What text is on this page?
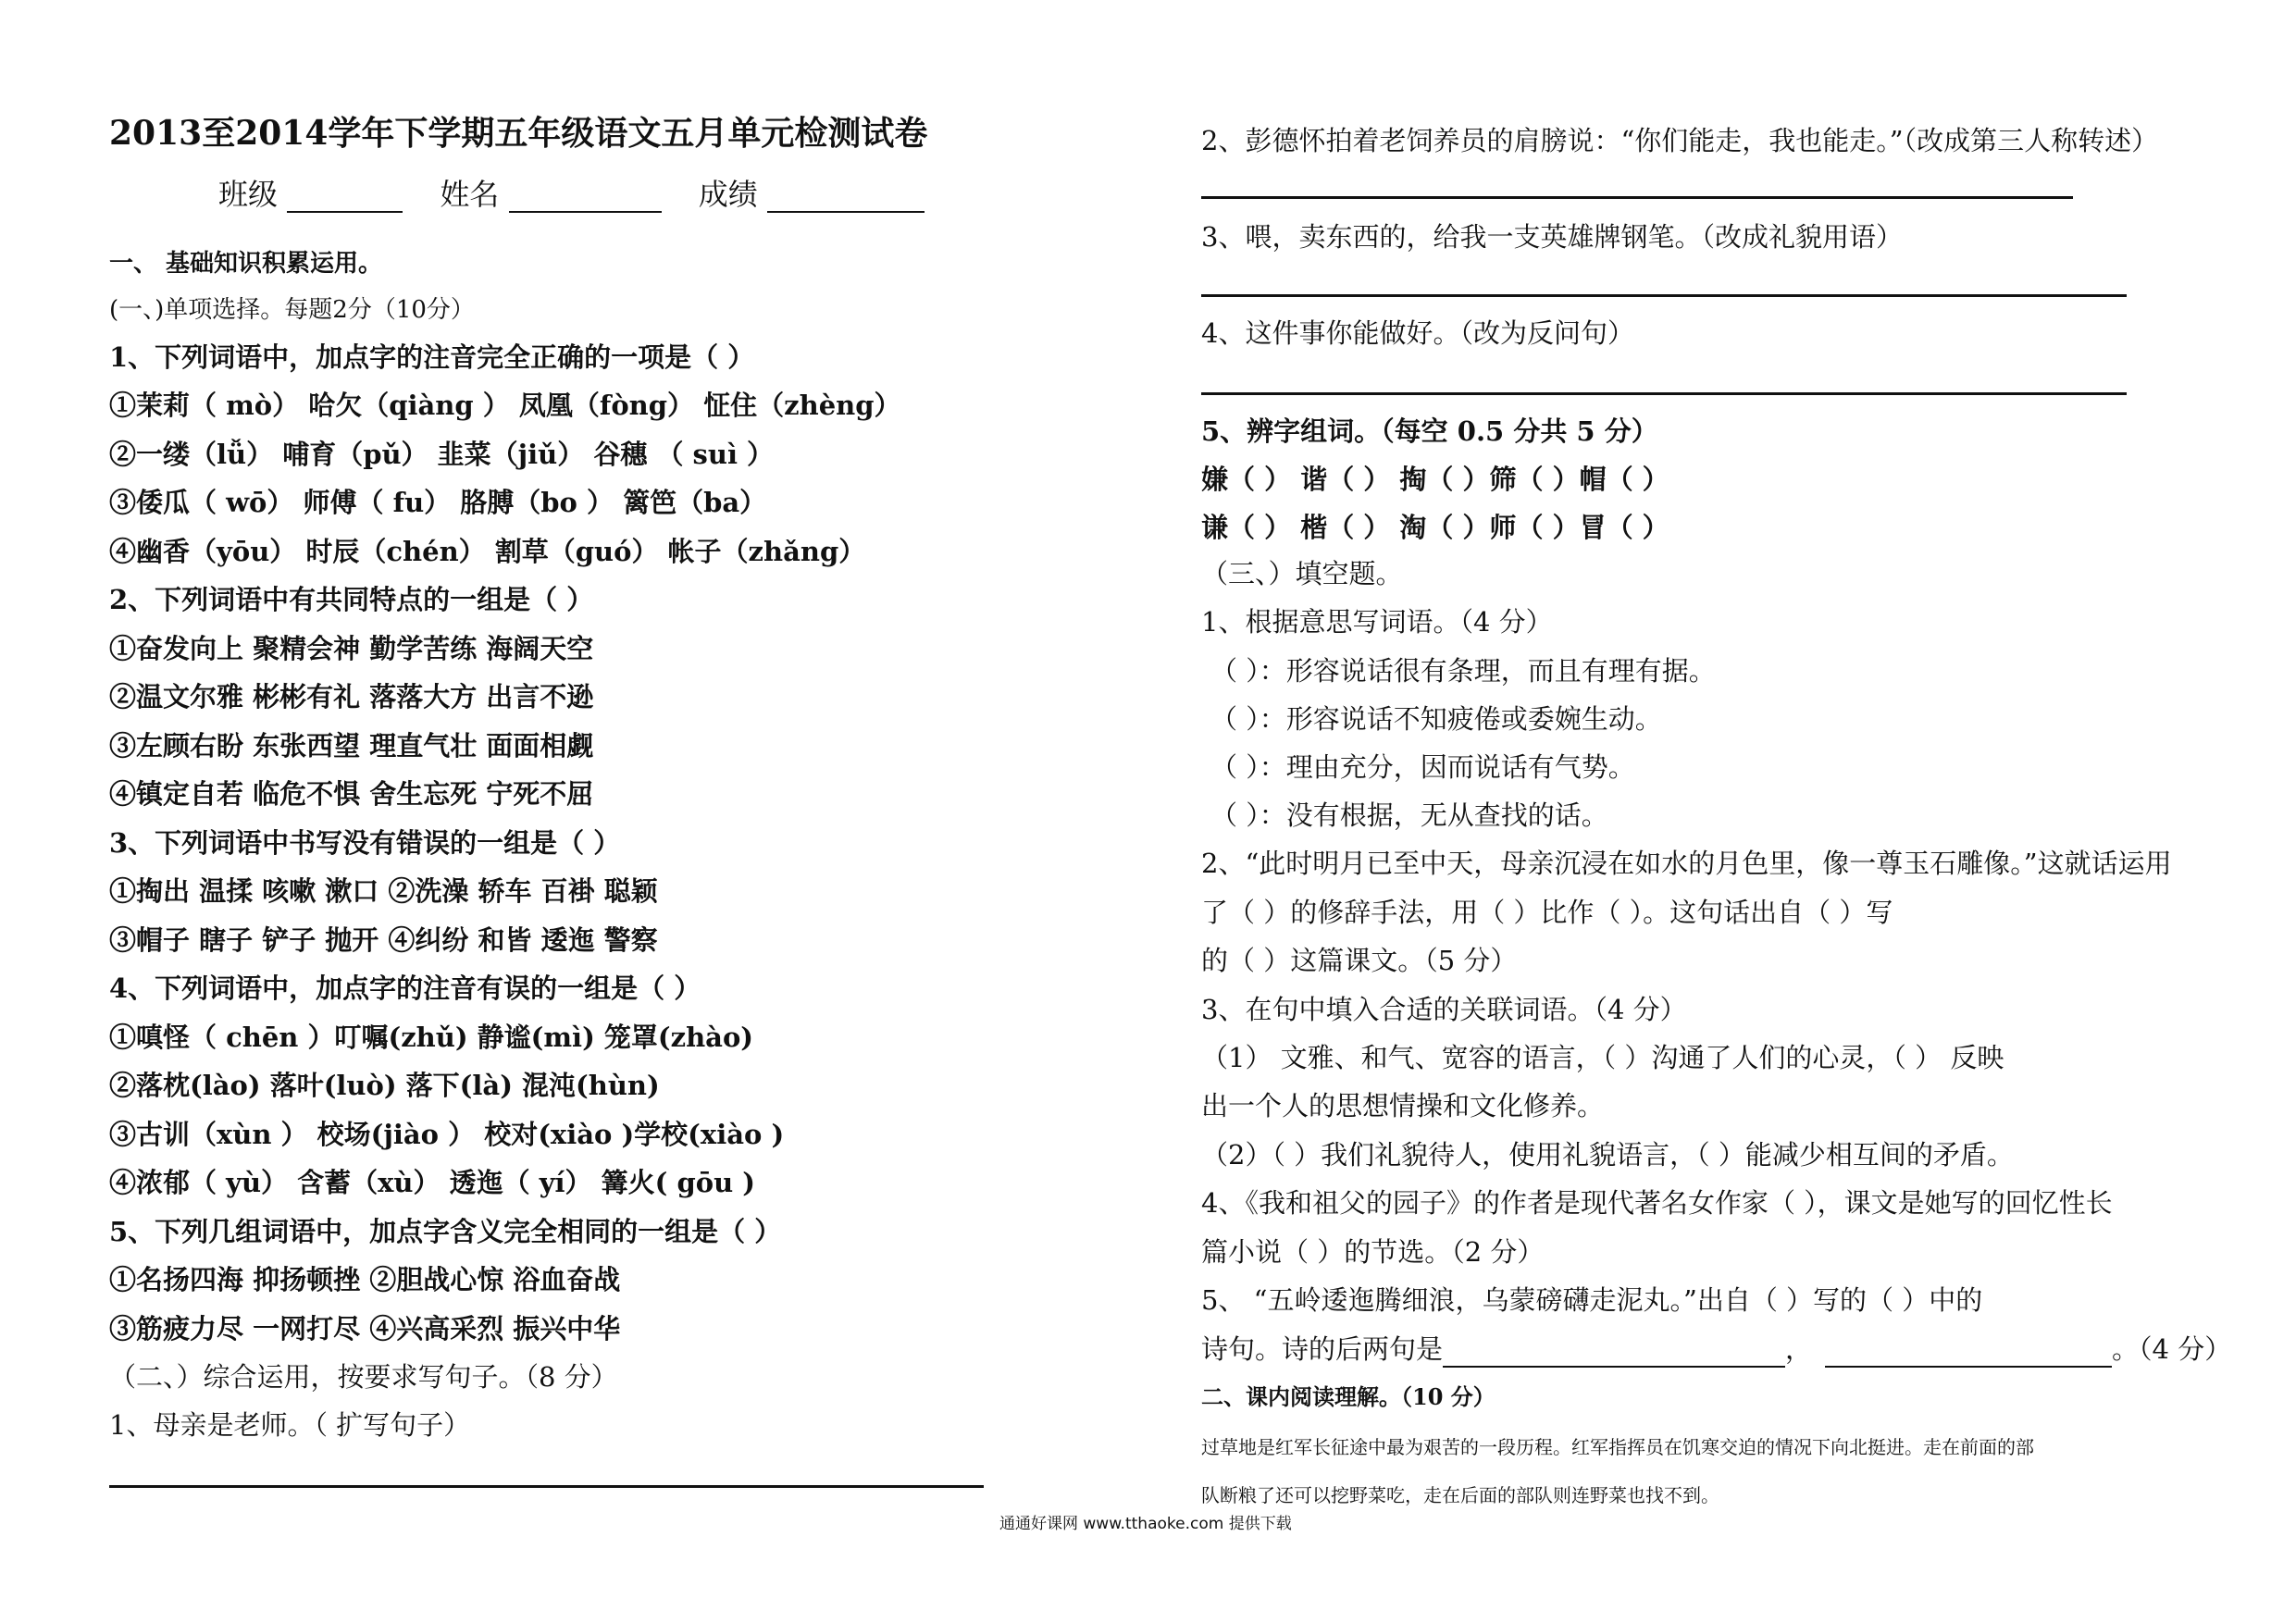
2013至2014学年下学期五年级语文五月单元检测试卷
班级	姓名	成绩
一、 基础知识积累运用。
(一、)单项选择。每题2分（10分）
1、下列词语中，加点字的注音完全正确的一项是（ ）
①茉莉（ mò） 哈欠（qiàng ） 凤凰（fòng） 怔住（zhèng）
②一缕（lǚ） 哺育（pǔ） 韭菜（jiǔ） 谷穗 （ suì ）
③倭瓜（ wō） 师傅（ fu） 胳膊（bo ） 篱笆（ba）
④幽香（yōu） 时辰（chén） 割草（guó） 帐子（zhǎng）
2、下列词语中有共同特点的一组是（ ）
①奋发向上 聚精会神 勤学苦练 海阔天空
②温文尔雅 彬彬有礼 落落大方 出言不逊
③左顾右盼 东张西望 理直气壮 面面相觑
④镇定自若 临危不惧 舍生忘死 宁死不屈
3、下列词语中书写没有错误的一组是（ ）
①掏出 温揉 咳嗽 漱口 ②洗澡 轿车 百褂 聪颖
③帽子 瞎子 铲子 抛开 ④纠纷 和皆 逶迤 警察
4、下列词语中，加点字的注音有误的一组是（ ）
①嗔怪（ chēn ）叮嘱(zhǔ) 静谧(mì) 笼罩(zhào)
②落枕(lào) 落叶(luò) 落下(là) 混沌(hùn)
③古训（xùn ） 校场(jiào ） 校对(xiào )学校(xiào )
④浓郁（ yù） 含蓄（xù） 透迤（ yí） 篝火( gōu )
5、下列几组词语中，加点字含义完全相同的一组是（ ）
①名扬四海 抑扬顿挫 ②胆战心惊 浴血奋战
③筋疲力尽 一网打尽 ④兴高采烈 振兴中华
（二、）综合运用，按要求写句子。（8 分）
1、母亲是老师。（ 扩写句子）
2、彭德怀拍着老饲养员的肩膀说：“你们能走，我也能走。”（改成第三人称转述）
3、喂，卖东西的，给我一支英雄牌钢笔。（改成礼貌用语）
4、这件事你能做好。（改为反问句）
5、辨字组词。（每空 0.5 分共 5 分）
嫌（ ） 谐（ ） 掏（ ）筛（ ）帽（ ）
谦（ ） 楷（ ） 淘（ ）师（ ）冒（ ）
（三、）填空题。
1、根据意思写词语。（4 分）
（ ）：形容说话很有条理，而且有理有据。
（ ）：形容说话不知疲倦或委婉生动。
（ ）：理由充分，因而说话有气势。
（ ）：没有根据，无从查找的话。
2、“此时明月已至中天，母亲沉浸在如水的月色里，像一尊玉石雕像。”这就话运用
了（ ）的修辞手法，用（ ）比作（ ）。这句话出自（ ）写
的（ ）这篇课文。（5 分）
3、在句中填入合适的关联词语。（4 分）
（1） 文雅、和气、宽容的语言，（ ）沟通了人们的心灵，（ ） 反映
出一个人的思想情操和文化修养。
（2）（ ）我们礼貌待人，使用礼貌语言，（ ）能减少相互间的矛盾。
4、《我和祖父的园子》的作者是现代著名女作家（ ），课文是她写的回忆性长
篇小说（ ）的节选。（2 分）
5、 “五岭逶迤腾细浪，乌蒙磅礴走泥丸。”出自（ ）写的（ ）中的
诗句。诗的后两句是	，	。（4 分）
二、课内阅读理解。（10 分）
过草地是红军长征途中最为艰苦的一段历程。红军指挥员在饥寒交迫的情况下向北挺进。走在前面的部
队断粮了还可以挖野菜吃，走在后面的部队则连野菜也找不到。
通通好课网 www.tthaoke.com 提供下载
